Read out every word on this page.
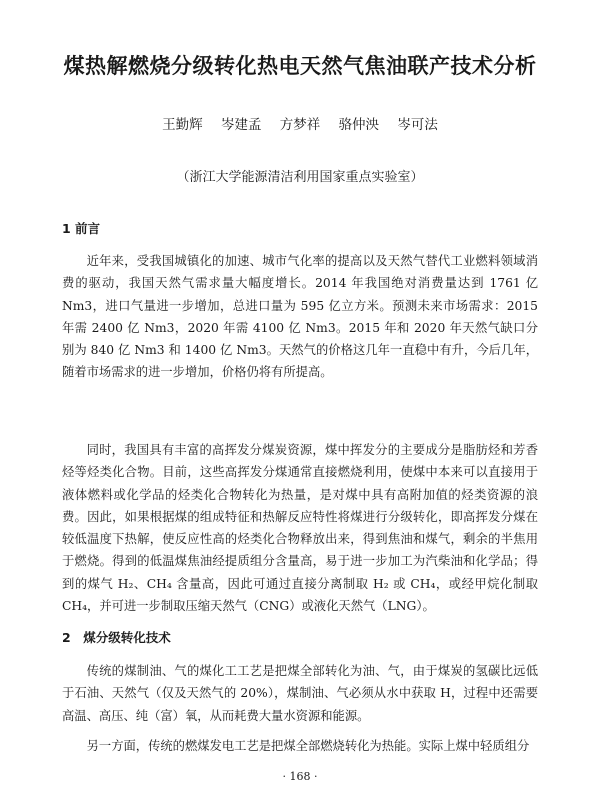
煤热解燃烧分级转化热电天然气焦油联产技术分析
王勤辉 岑建孟 方梦祥 骆仲泱 岑可法
（浙江大学能源清洁利用国家重点实验室）
1 前言

近年来，受我国城镇化的加速、城市气化率的提高以及天然气替代工业燃料领域消费的驱动，我国天然气需求量大幅度增长。2014 年我国绝对消费量达到 1761 亿 Nm3，进口气量进一步增加，总进口量为 595 亿立方米。预测未来市场需求：2015 年需 2400 亿 Nm3，2020 年需 4100 亿 Nm3。2015 年和 2020 年天然气缺口分别为 840 亿 Nm3 和 1400 亿 Nm3。天然气的价格这几年一直稳中有升，今后几年，随着市场需求的进一步增加，价格仍将有所提高。

同时，我国具有丰富的高挥发分煤炭资源，煤中挥发分的主要成分是脂肪烃和芳香烃等烃类化合物。目前，这些高挥发分煤通常直接燃烧利用，使煤中本来可以直接用于液体燃料或化学品的烃类化合物转化为热量，是对煤中具有高附加值的烃类资源的浪费。因此，如果根据煤的组成特征和热解反应特性将煤进行分级转化，即高挥发分煤在较低温度下热解，使反应性高的烃类化合物释放出来，得到焦油和煤气，剩余的半焦用于燃烧。得到的低温煤焦油经提质组分含量高，易于进一步加工为汽柴油和化学品；得到的煤气 H₂、CH₄ 含量高，因此可通过直接分离制取 H₂ 或 CH₄，或经甲烷化制取 CH₄，并可进一步制取压缩天然气（CNG）或液化天然气（LNG）。

2　煤分级转化技术

传统的煤制油、气的煤化工工艺是把煤全部转化为油、气，由于煤炭的氢碳比远低于石油、天然气（仅及天然气的 20%），煤制油、气必须从水中获取 H，过程中还需要高温、高压、纯（富）氧，从而耗费大量水资源和能源。

另一方面，传统的燃煤发电工艺是把煤全部燃烧转化为热能。实际上煤中轻质组分

· 168 ·
